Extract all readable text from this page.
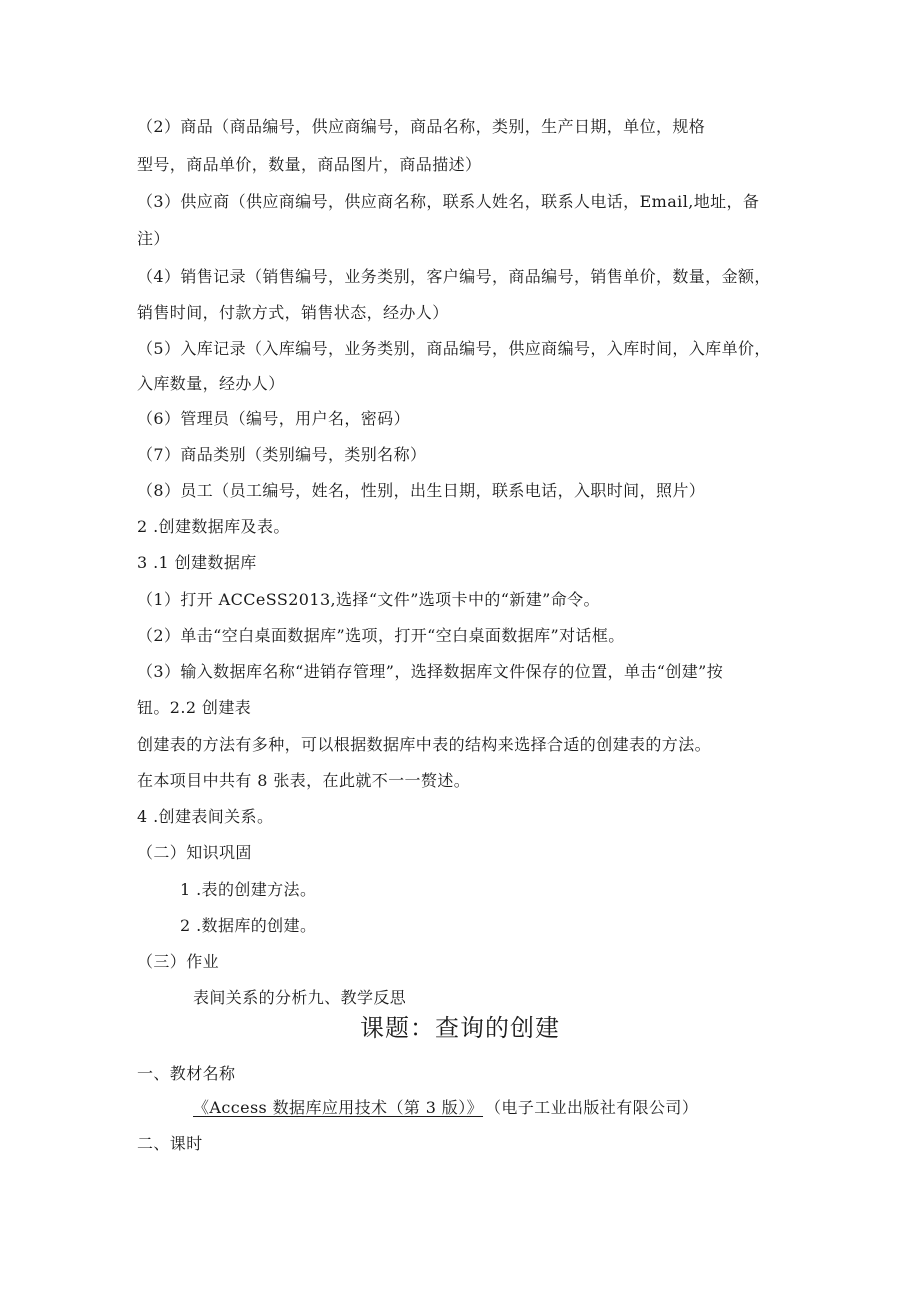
（2）商品（商品编号，供应商编号，商品名称，类别，生产日期，单位，规格
型号，商品单价，数量，商品图片，商品描述）
（3）供应商（供应商编号，供应商名称，联系人姓名，联系人电话，Email,地址，备
注）
（4）销售记录（销售编号，业务类别，客户编号，商品编号，销售单价，数量，金额，
销售时间，付款方式，销售状态，经办人）
（5）入库记录（入库编号，业务类别，商品编号，供应商编号，入库时间，入库单价，
入库数量，经办人）
（6）管理员（编号，用户名，密码）
（7）商品类别（类别编号，类别名称）
（8）员工（员工编号，姓名，性别，出生日期，联系电话，入职时间，照片）
2 .创建数据库及表。
3 .1 创建数据库
（1）打开 ACCeSS2013,选择“文件”选项卡中的“新建”命令。
（2）单击“空白桌面数据库”选项，打开“空白桌面数据库”对话框。
（3）输入数据库名称“进销存管理”，选择数据库文件保存的位置，单击“创建”按
钮。2.2 创建表
创建表的方法有多种，可以根据数据库中表的结构来选择合适的创建表的方法。
在本项目中共有 8 张表，在此就不一一赘述。
4 .创建表间关系。
（二）知识巩固
1 .表的创建方法。
2 .数据库的创建。
（三）作业
表间关系的分析九、教学反思
课题：查询的创建
一、教材名称
《Access 数据库应用技术（第 3 版）》 （电子工业出版社有限公司）
二、课时
